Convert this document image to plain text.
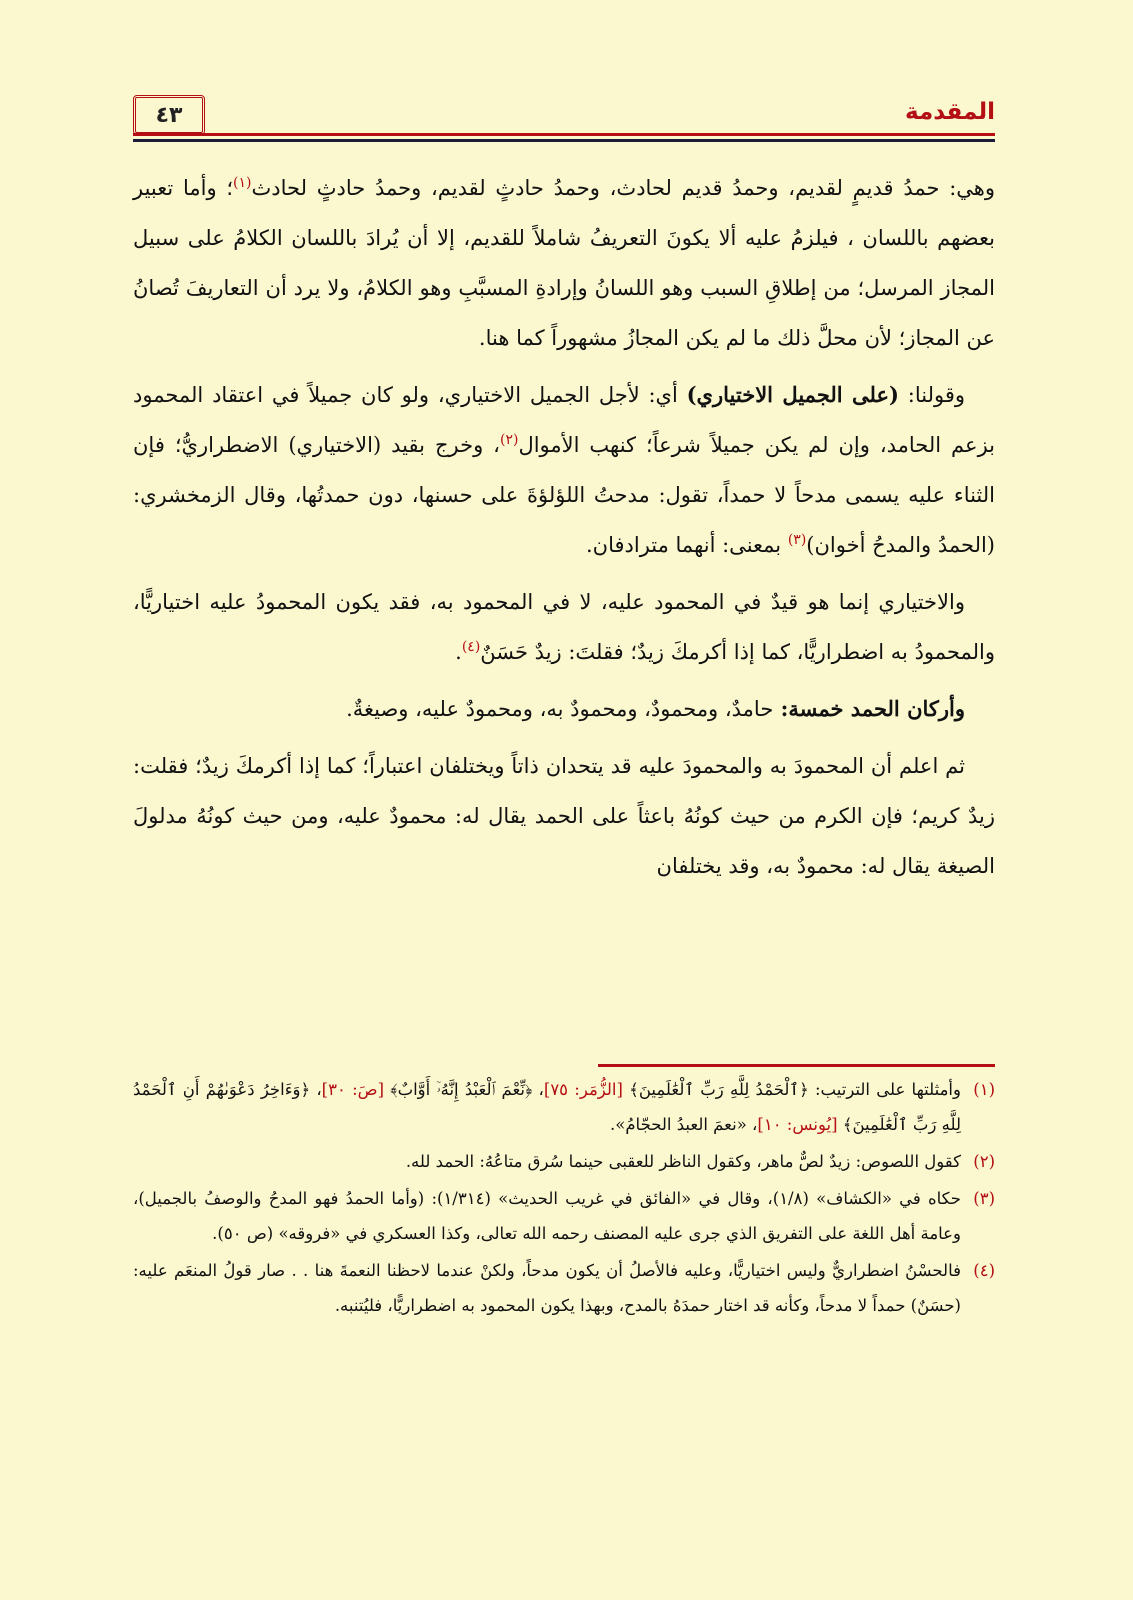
٤٣	المقدمة

وهي: حمدُ قديمٍ لقديم، وحمدُ قديم لحادث، وحمدُ حادثٍ لقديم، وحمدُ حادثٍ لحادث$^{(١)}$؛ وأما تعبير بعضهم باللسان ، فيلزمُ عليه ألا يكونَ التعريفُ شاملاً للقديم، إلا أن يُرادَ باللسان الكلامُ على سبيل المجاز المرسل؛ من إطلاقِ السبب وهو اللسانُ وإرادةِ المسبَّبِ وهو الكلامُ، ولا يرد أن التعاريفَ تُصانُ عن المجاز؛ لأن محلَّ ذلك ما لم يكن المجازُ مشهوراً كما هنا.

وقولنا: (على الجميل الاختياري) أي: لأجل الجميل الاختياري، ولو كان جميلاً في اعتقاد المحمود بزعم الحامد، وإن لم يكن جميلاً شرعاً؛ كنهب الأموال$^{(٢)}$، وخرج بقيد (الاختياري) الاضطراريُّ؛ فإن الثناء عليه يسمى مدحاً لا حمداً، تقول: مدحتُ اللؤلؤةَ على حسنها، دون حمدتُها، وقال الزمخشري: (الحمدُ والمدحُ أخوان)$^{(٣)}$ بمعنى: أنهما مترادفان.

والاختياري إنما هو قيدٌ في المحمود عليه، لا في المحمود به، فقد يكون المحمودُ عليه اختياريًّا، والمحمودُ به اضطراريًّا، كما إذا أكرمكَ زيدٌ؛ فقلتَ: زيدٌ حَسَنٌ$^{(٤)}$.

وأركان الحمد خمسة: حامدٌ، ومحمودٌ، ومحمودٌ به، ومحمودٌ عليه، وصيغةٌ.

ثم اعلم أن المحمودَ به والمحمودَ عليه قد يتحدان ذاتاً ويختلفان اعتباراً؛ كما إذا أكرمكَ زيدٌ؛ فقلت: زيدٌ كريم؛ فإن الكرم من حيث كونُهُ باعثاً على الحمد يقال له: محمودٌ عليه، ومن حيث كونُهُ مدلولَ الصيغة يقال له: محمودٌ به، وقد يختلفان

(١)
وأمثلتها على الترتيب: ﴿ٱلْحَمْدُ لِلَّهِ رَبِّ ٱلْعَٰلَمِينَ﴾ [الزُّمَر: ٧٥]، ﴿نِّعْمَ ٱلْعَبْدُ إِنَّهُۥٓ أَوَّابٌ﴾ [صَ: ٣٠]، ﴿وَءَاخِرُ دَعْوَىٰهُمْ أَنِ ٱلْحَمْدُ لِلَّهِ رَبِّ ٱلْعَٰلَمِينَ﴾ [يُونس: ١٠]، «نعمَ العبدُ الحجّامُ».
(٢)
كقول اللصوص: زيدٌ لصٌّ ماهر، وكقول الناظر للعقبى حينما سُرق متاعُهُ: الحمد لله.
(٣)
حكاه في «الكشاف» (١/٨)، وقال في «الفائق في غريب الحديث» (١/٣١٤): (وأما الحمدُ فهو المدحُ والوصفُ بالجميل)، وعامة أهل اللغة على التفريق الذي جرى عليه المصنف رحمه الله تعالى، وكذا العسكري في «فروقه» (ص ٥٠).
(٤)
فالحسْنُ اضطراريٌّ وليس اختياريًّا، وعليه فالأصلُ أن يكون مدحاً، ولكنْ عندما لاحظنا النعمةَ هنا . . صار قولُ المنعَم عليه: (حسَنٌ) حمداً لا مدحاً، وكأنه قد اختار حمدَهُ بالمدح، وبهذا يكون المحمود به اضطراريًّا، فليُتنبه.
